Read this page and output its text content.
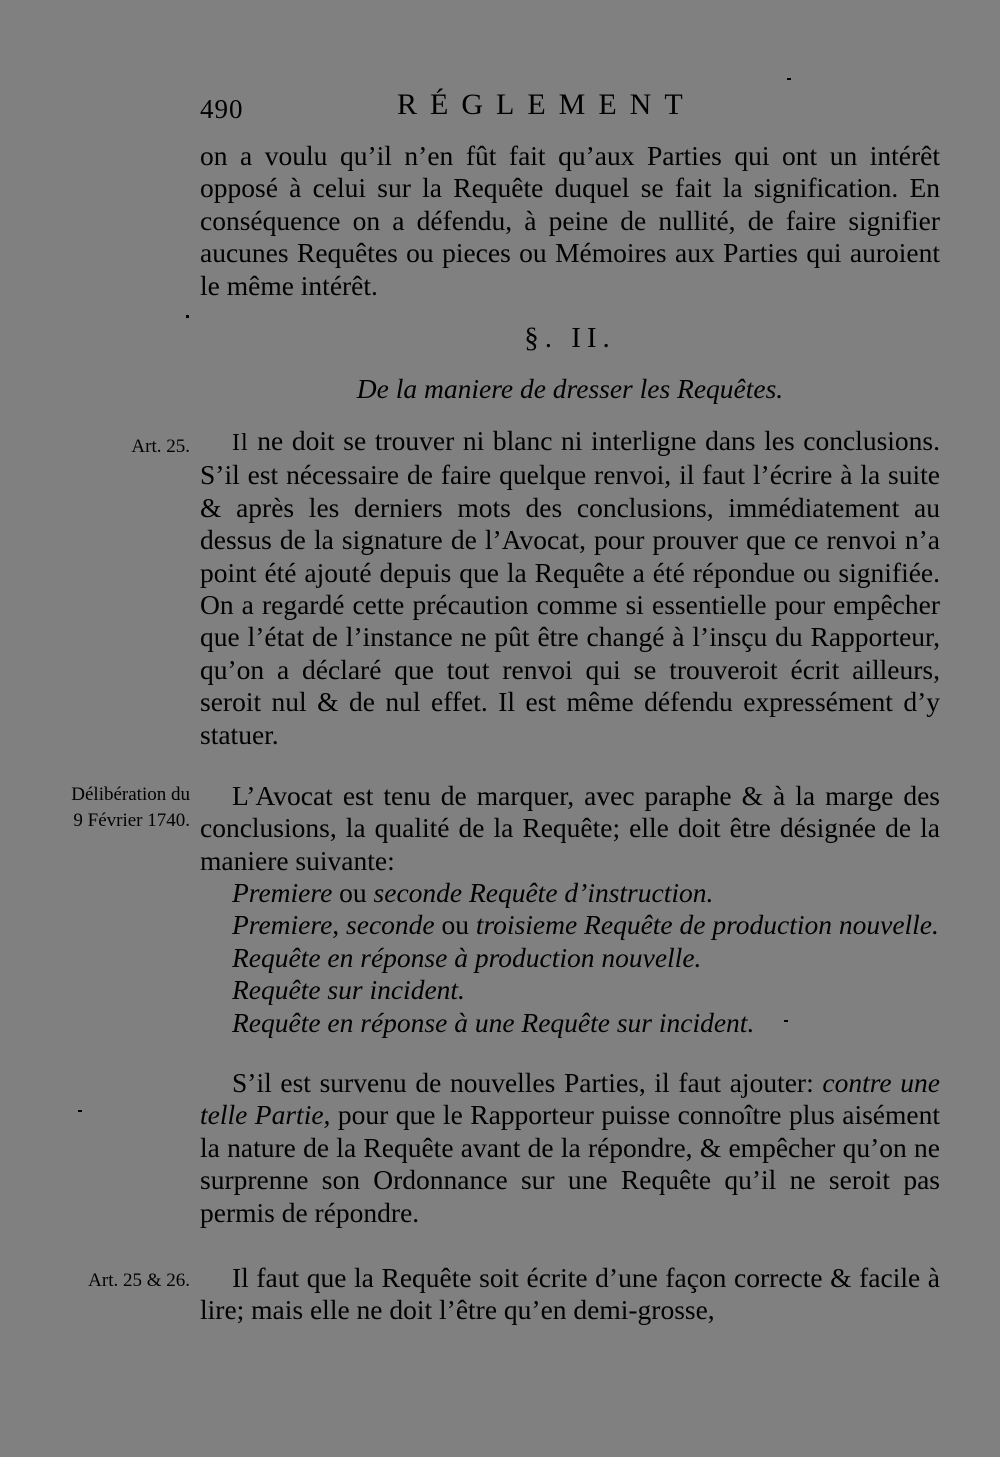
490	RÉGLEMENT

on a voulu qu’il n’en fût fait qu’aux Parties qui ont un intérêt opposé à celui sur la Requête duquel se fait la signification. En conséquence on a défendu, à peine de nullité, de faire signifier aucunes Requêtes ou pieces ou Mémoires aux Parties qui auroient le même intérêt.

§. II.
De la maniere de dresser les Requêtes.
Art. 25.
Délibération du
9 Février 1740.
Art. 25 & 26.

Il ne doit se trouver ni blanc ni interligne dans les conclusions. S’il est nécessaire de faire quelque renvoi, il faut l’écrire à la suite & après les derniers mots des conclusions, immédiatement au dessus de la signature de l’Avocat, pour prouver que ce renvoi n’a point été ajouté depuis que la Requête a été répondue ou signifiée. On a regardé cette précaution comme si essentielle pour empêcher que l’état de l’instance ne pût être changé à l’insçu du Rapporteur, qu’on a déclaré que tout renvoi qui se trouveroit écrit ailleurs, seroit nul & de nul effet. Il est même défendu expressément d’y statuer.

L’Avocat est tenu de marquer, avec paraphe & à la marge des conclusions, la qualité de la Requête; elle doit être désignée de la maniere suivante:

Premiere ou seconde Requête d’instruction.
Premiere, seconde ou troisieme Requête de production nouvelle.
Requête en réponse à production nouvelle.
Requête sur incident.
Requête en réponse à une Requête sur incident.

S’il est survenu de nouvelles Parties, il faut ajouter: contre une telle Partie, pour que le Rapporteur puisse connoître plus aisément la nature de la Requête avant de la répondre, & empêcher qu’on ne surprenne son Ordonnance sur une Requête qu’il ne seroit pas permis de répondre.

Il faut que la Requête soit écrite d’une façon correcte & facile à lire; mais elle ne doit l’être qu’en demi-grosse,
